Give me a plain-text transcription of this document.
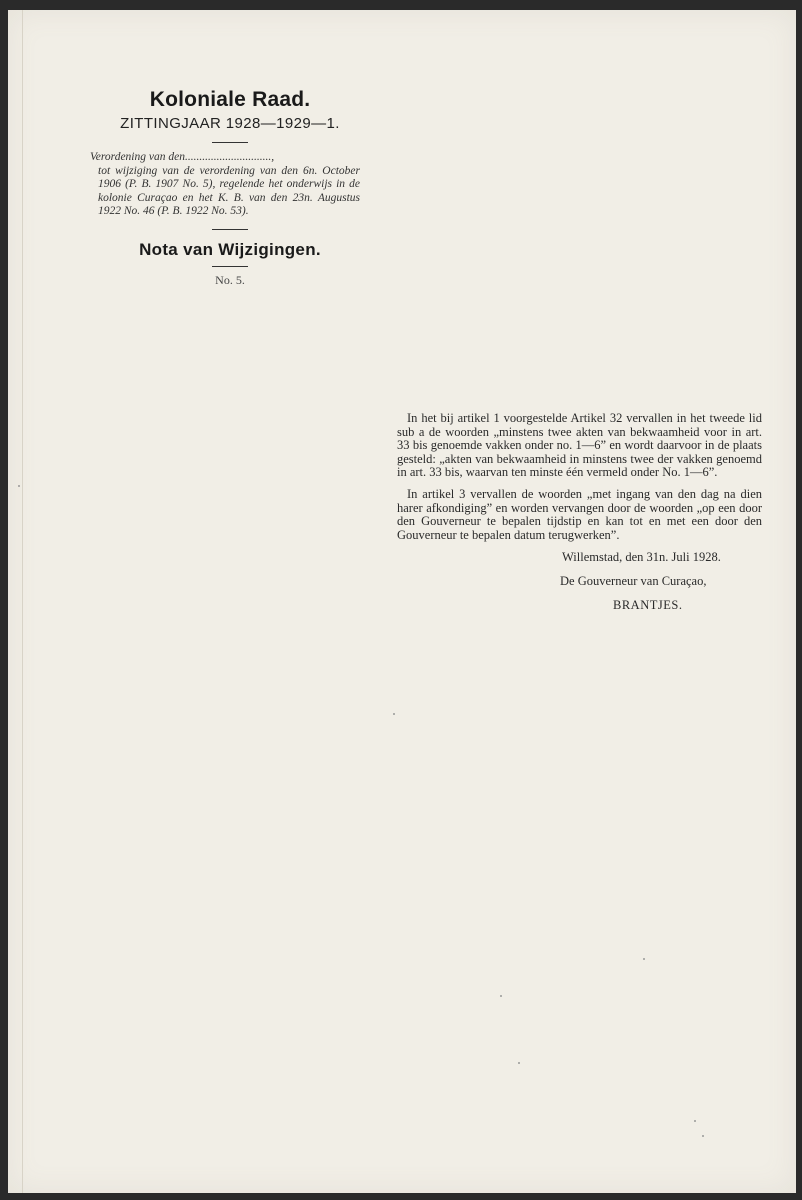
Koloniale Raad.
ZITTINGJAAR 1928—1929—1.
Verordening van den..............................,
tot wijziging van de verordening van den 6n. October 1906 (P. B. 1907 No. 5), regelende het onderwijs in de kolonie Curaçao en het K. B. van den 23n. Augustus 1922 No. 46 (P. B. 1922 No. 53).
Nota van Wijzigingen.
No. 5.

In het bij artikel 1 voorgestelde Artikel 32 vervallen in het tweede lid sub a de woorden „minstens twee akten van bekwaamheid voor in art. 33 bis genoemde vakken onder no. 1—6” en wordt daarvoor in de plaats gesteld: „akten van bekwaamheid in minstens twee der vakken genoemd in art. 33 bis, waarvan ten minste één vermeld onder No. 1—6”.

In artikel 3 vervallen de woorden „met ingang van den dag na dien harer afkondiging” en worden vervangen door de woorden „op een door den Gouverneur te bepalen tijdstip en kan tot en met een door den Gouverneur te bepalen datum terugwerken”.

Willemstad, den 31n. Juli 1928.
De Gouverneur van Curaçao,
BRANTJES.
